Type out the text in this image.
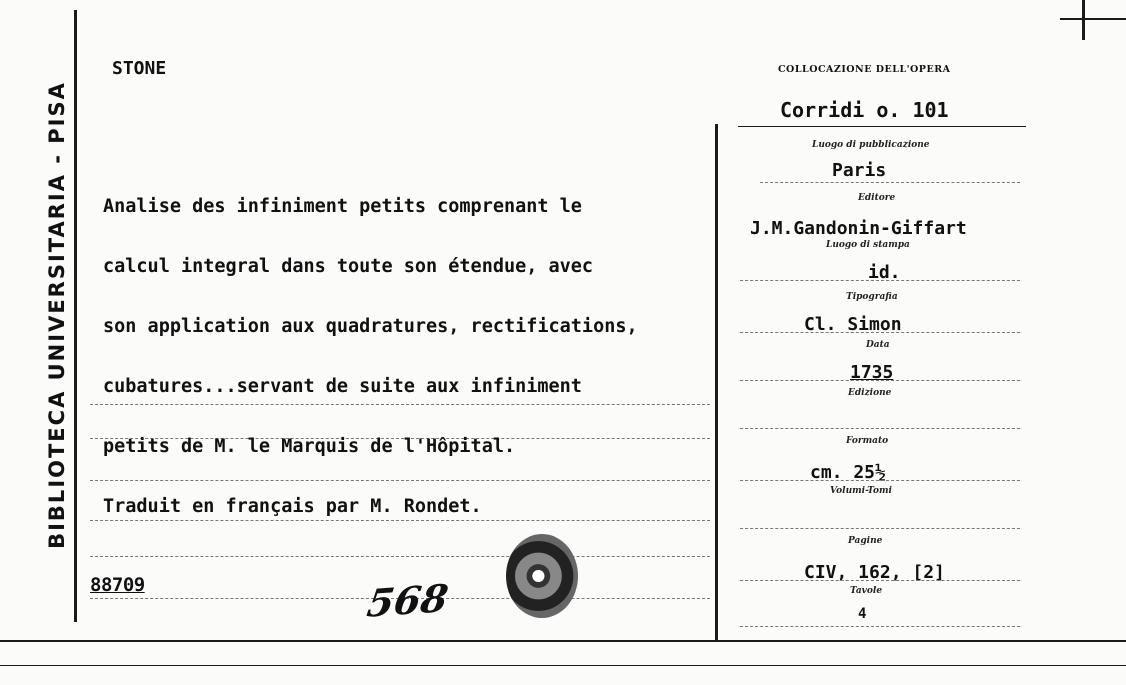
BIBLIOTECA UNIVERSITARIA - PISA
STONE

Analise des infiniment petits comprenant le

calcul integral dans toute son étendue, avec

son application aux quadratures, rectifications,

cubatures...servant de suite aux infiniment

petits de M. le Marquis de l'Hôpital.

Traduit en français par M. Rondet.

88709	568
COLLOCAZIONE DELL'OPERA
Corridi o. 101
Luogo di pubblicazione
Paris
Editore
J.M.Gandonin-Giffart
Luogo di stampa
id.
Tipografia
Cl. Simon
Data
1735
Edizione
Formato
cm. 25½
Volumi-Tomi
Pagine
CIV, 162, [2]
Tavole
4
